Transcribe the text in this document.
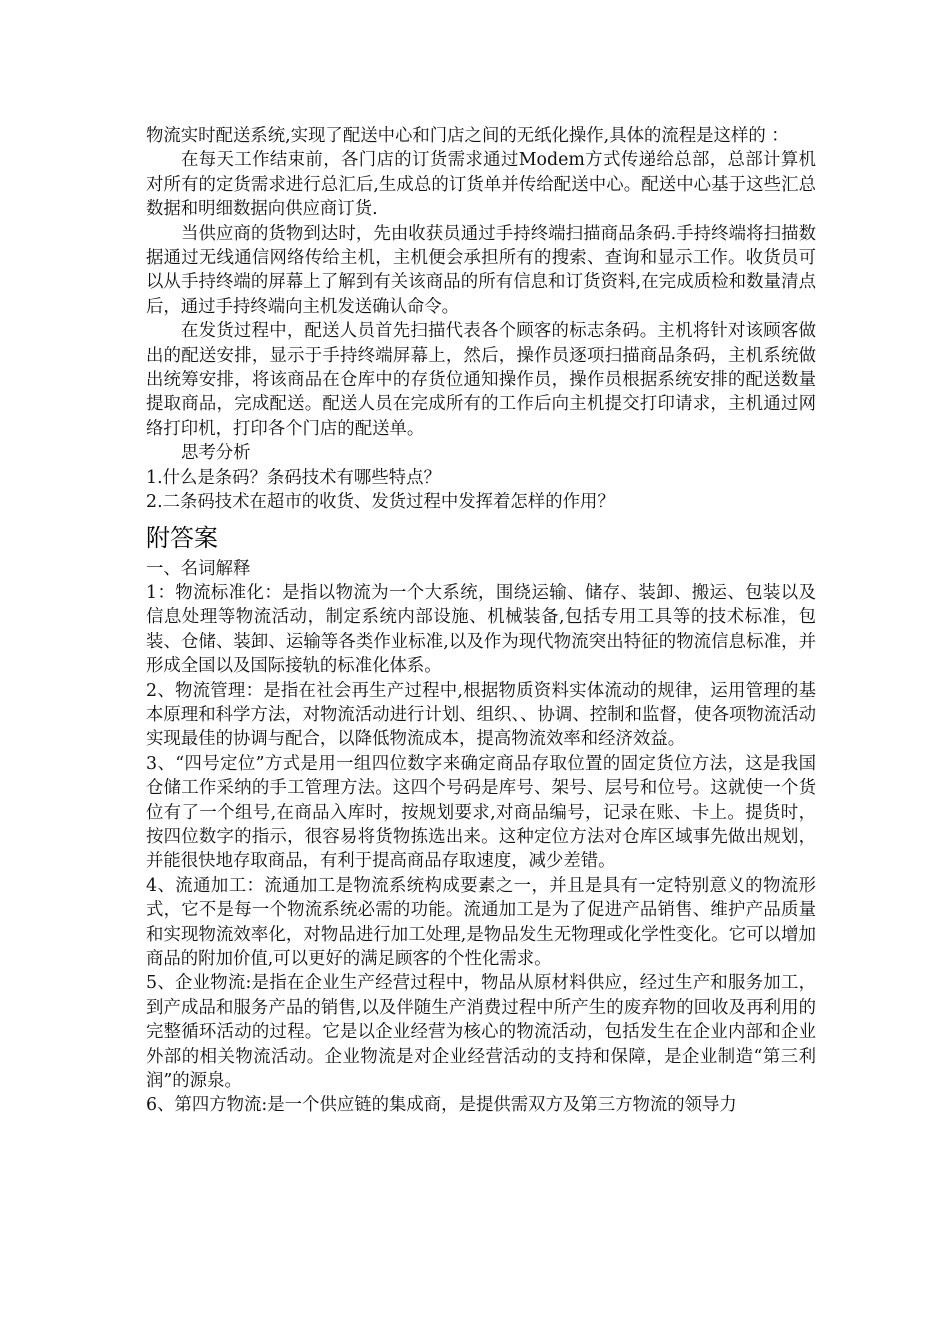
物流实时配送系统,实现了配送中心和门店之间的无纸化操作,具体的流程是这样的 ：

在每天工作结束前，各门店的订货需求通过Modem方式传递给总部，总部计算机对所有的定货需求进行总汇后,生成总的订货单并传给配送中心。配送中心基于这些汇总数据和明细数据向供应商订货.

当供应商的货物到达时，先由收获员通过手持终端扫描商品条码.手持终端将扫描数据通过无线通信网络传给主机，主机便会承担所有的搜索、查询和显示工作。收货员可以从手持终端的屏幕上了解到有关该商品的所有信息和订货资料,在完成质检和数量清点后，通过手持终端向主机发送确认命令。

在发货过程中，配送人员首先扫描代表各个顾客的标志条码。主机将针对该顾客做出的配送安排，显示于手持终端屏幕上，然后，操作员逐项扫描商品条码，主机系统做出统筹安排，将该商品在仓库中的存货位通知操作员，操作员根据系统安排的配送数量提取商品，完成配送。配送人员在完成所有的工作后向主机提交打印请求，主机通过网络打印机，打印各个门店的配送单。

思考分析

1.什么是条码？条码技术有哪些特点？

2.二条码技术在超市的收货、发货过程中发挥着怎样的作用？

附答案

一、名词解释

1：物流标准化：是指以物流为一个大系统，围绕运输、储存、装卸、搬运、包装以及信息处理等物流活动，制定系统内部设施、机械装备,包括专用工具等的技术标准，包装、仓储、装卸、运输等各类作业标准,以及作为现代物流突出特征的物流信息标准，并形成全国以及国际接轨的标准化体系。

2、物流管理：是指在社会再生产过程中,根据物质资料实体流动的规律，运用管理的基本原理和科学方法，对物流活动进行计划、组织、、协调、控制和监督，使各项物流活动实现最佳的协调与配合，以降低物流成本，提高物流效率和经济效益。

3、“四号定位”方式是用一组四位数字来确定商品存取位置的固定货位方法，这是我国仓储工作采纳的手工管理方法。这四个号码是库号、架号、层号和位号。这就使一个货位有了一个组号,在商品入库时，按规划要求,对商品编号，记录在账、卡上。提货时，按四位数字的指示，很容易将货物拣选出来。这种定位方法对仓库区域事先做出规划，并能很快地存取商品，有利于提高商品存取速度，减少差错。

4、流通加工：流通加工是物流系统构成要素之一，并且是具有一定特别意义的物流形式，它不是每一个物流系统必需的功能。流通加工是为了促进产品销售、维护产品质量和实现物流效率化，对物品进行加工处理,是物品发生无物理或化学性变化。它可以增加商品的附加价值,可以更好的满足顾客的个性化需求。

5、企业物流:是指在企业生产经营过程中，物品从原材料供应，经过生产和服务加工，到产成品和服务产品的销售,以及伴随生产消费过程中所产生的废弃物的回收及再利用的完整循环活动的过程。它是以企业经营为核心的物流活动，包括发生在企业内部和企业外部的相关物流活动。企业物流是对企业经营活动的支持和保障，是企业制造“第三利润”的源泉。

6、第四方物流:是一个供应链的集成商，是提供需双方及第三方物流的领导力
